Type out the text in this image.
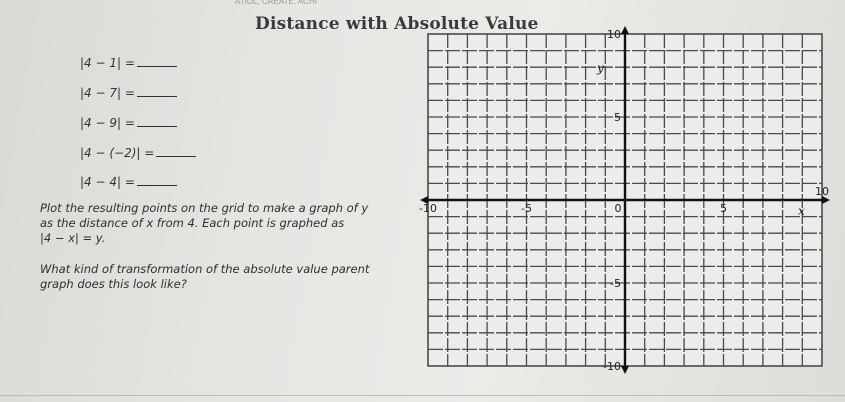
ATIOL, CREATE, ACHI
Distance with Absolute Value
|4 − 1| =
|4 − 7| =
|4 − 9| =
|4 − (−2)| =
|4 − 4| =

Plot the resulting points on the grid to make a graph of y

as the distance of x from 4. Each point is graphed as

|4 − x| = y.

What kind of transformation of the absolute value parent

graph does this look like?

-10	-5	0	5
10
10
5
-5
-10
x
y
